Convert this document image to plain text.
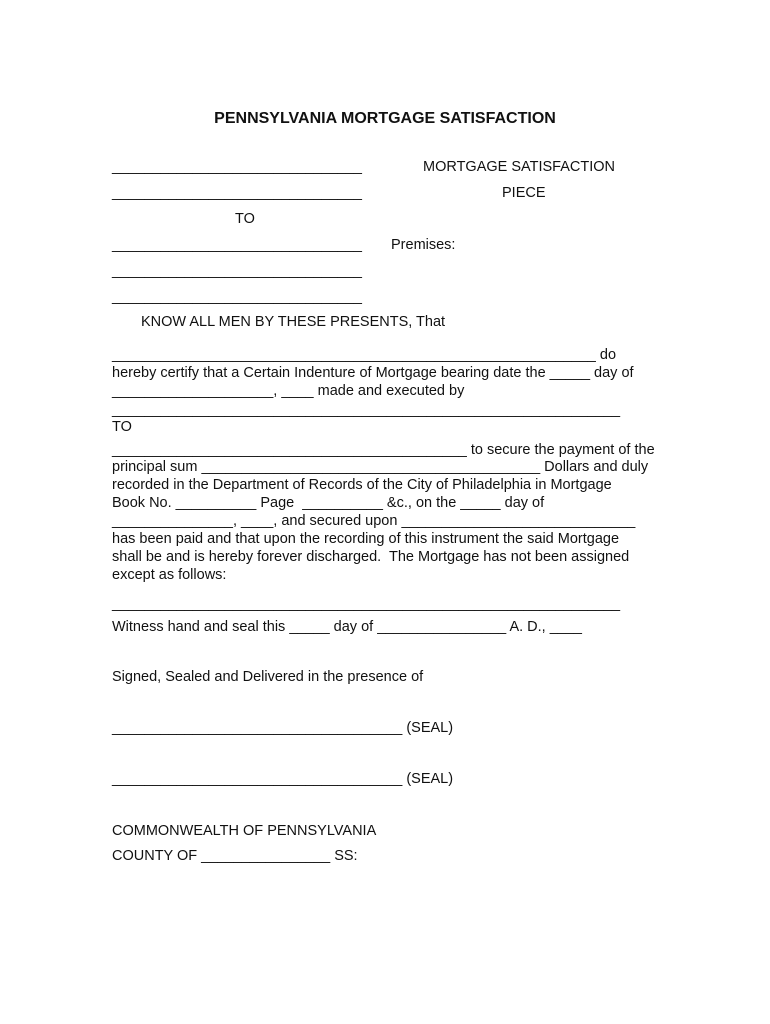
PENNSYLVANIA MORTGAGE SATISFACTION
_______________________________
_______________________________
TO
_______________________________
_______________________________
_______________________________
MORTGAGE SATISFACTION
PIECE
Premises:
KNOW ALL MEN BY THESE PRESENTS, That
____________________________________________________________ do
hereby certify that a Certain Indenture of Mortgage bearing date the _____ day of
____________________, ____ made and executed by
_______________________________________________________________
TO
____________________________________________ to secure the payment of the
principal sum __________________________________________ Dollars and duly
recorded in the Department of Records of the City of Philadelphia in Mortgage
Book No. __________ Page  __________ &c., on the _____ day of
_______________, ____, and secured upon _____________________________
has been paid and that upon the recording of this instrument the said Mortgage
shall be and is hereby forever discharged.  The Mortgage has not been assigned
except as follows:
_______________________________________________________________
Witness hand and seal this _____ day of ________________ A. D., ____
Signed, Sealed and Delivered in the presence of
____________________________________ (SEAL)
____________________________________ (SEAL)
COMMONWEALTH OF PENNSYLVANIA
COUNTY OF ________________ SS:
